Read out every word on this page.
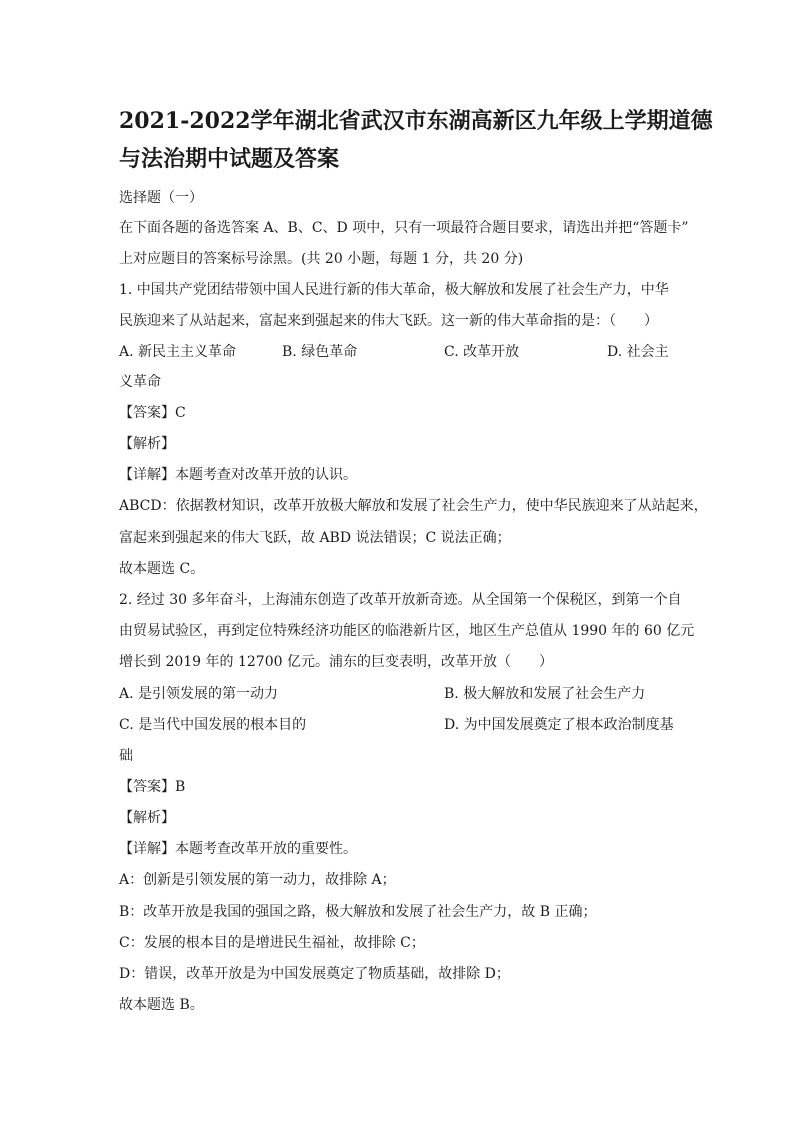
2021-2022学年湖北省武汉市东湖高新区九年级上学期道德
与法治期中试题及答案
选择题（一）
在下面各题的备选答案 A、B、C、D 项中，只有一项最符合题目要求，请选出并把“答题卡”
上对应题目的答案标号涂黑。(共 20 小题，每题 1 分，共 20 分)
1. 中国共产党团结带领中国人民进行新的伟大革命，极大解放和发展了社会生产力，中华
民族迎来了从站起来，富起来到强起来的伟大飞跃。这一新的伟大革命指的是：（　　）
A. 新民主主义革命	B. 绿色革命	C. 改革开放	D. 社会主
义革命
【答案】C
【解析】
【详解】本题考查对改革开放的认识。
ABCD：依据教材知识，改革开放极大解放和发展了社会生产力，使中华民族迎来了从站起来，
富起来到强起来的伟大飞跃，故 ABD 说法错误；C 说法正确；
故本题选 C。
2. 经过 30 多年奋斗，上海浦东创造了改革开放新奇迹。从全国第一个保税区，到第一个自
由贸易试验区，再到定位特殊经济功能区的临港新片区，地区生产总值从 1990 年的 60 亿元
增长到 2019 年的 12700 亿元。浦东的巨变表明，改革开放（　　）
A. 是引领发展的第一动力	B. 极大解放和发展了社会生产力
C. 是当代中国发展的根本目的	D. 为中国发展奠定了根本政治制度基
础
【答案】B
【解析】
【详解】本题考查改革开放的重要性。
A：创新是引领发展的第一动力，故排除 A；
B：改革开放是我国的强国之路，极大解放和发展了社会生产力，故 B 正确；
C：发展的根本目的是增进民生福祉，故排除 C；
D：错误，改革开放是为中国发展奠定了物质基础，故排除 D；
故本题选 B。
